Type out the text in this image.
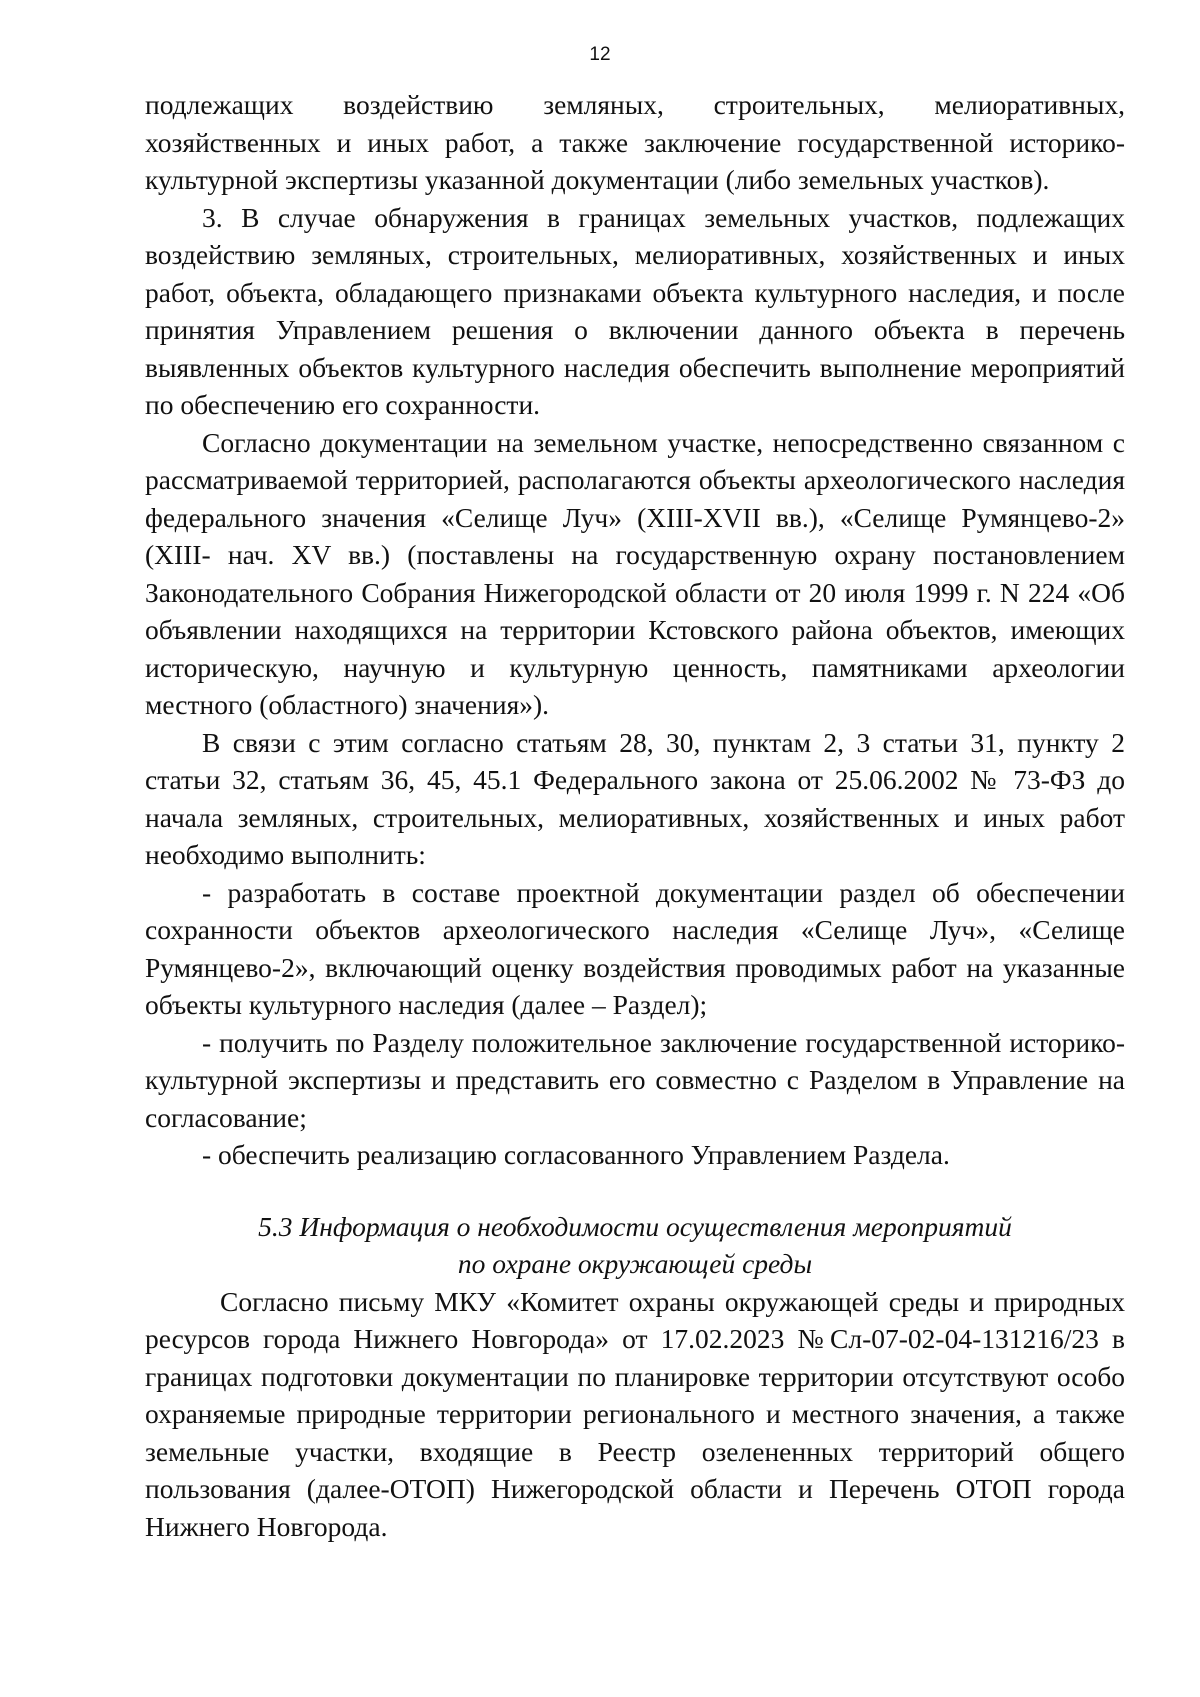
12

подлежащих воздействию земляных, строительных, мелиоративных, хозяйственных и иных работ, а также заключение государственной историко-культурной экспертизы указанной документации (либо земельных участков).

3. В случае обнаружения в границах земельных участков, подлежащих воздействию земляных, строительных, мелиоративных, хозяйственных и иных работ, объекта, обладающего признаками объекта культурного наследия, и после принятия Управлением решения о включении данного объекта в перечень выявленных объектов культурного наследия обеспечить выполнение мероприятий по обеспечению его сохранности.

Согласно документации на земельном участке, непосредственно связанном с рассматриваемой территорией, располагаются объекты археологического наследия федерального значения «Селище Луч» (XIII-XVII вв.), «Селище Румянцево-2» (XIII- нач. XV вв.) (поставлены на государственную охрану постановлением Законодательного Собрания Нижегородской области от 20 июля 1999 г. N 224 «Об объявлении находящихся на территории Кстовского района объектов, имеющих историческую, научную и культурную ценность, памятниками археологии местного (областного) значения»).

В связи с этим согласно статьям 28, 30, пунктам 2, 3 статьи 31, пункту 2 статьи 32, статьям 36, 45, 45.1 Федерального закона от 25.06.2002 № 73-ФЗ до начала земляных, строительных, мелиоративных, хозяйственных и иных работ необходимо выполнить:

- разработать в составе проектной документации раздел об обеспечении сохранности объектов археологического наследия «Селище Луч», «Селище Румянцево-2», включающий оценку воздействия проводимых работ на указанные объекты культурного наследия (далее – Раздел);

- получить по Разделу положительное заключение государственной историко-культурной экспертизы и представить его совместно с Разделом в Управление на согласование;

- обеспечить реализацию согласованного Управлением Раздела.

5.3 Информация о необходимости осуществления мероприятий
по охране окружающей среды

Согласно письму МКУ «Комитет охраны окружающей среды и природных ресурсов города Нижнего Новгорода» от 17.02.2023 №Сл-07-02-04-131216/23 в границах подготовки документации по планировке территории отсутствуют особо охраняемые природные территории регионального и местного значения, а также земельные участки, входящие в Реестр озелененных территорий общего пользования (далее-ОТОП) Нижегородской области и Перечень ОТОП города Нижнего Новгорода.
